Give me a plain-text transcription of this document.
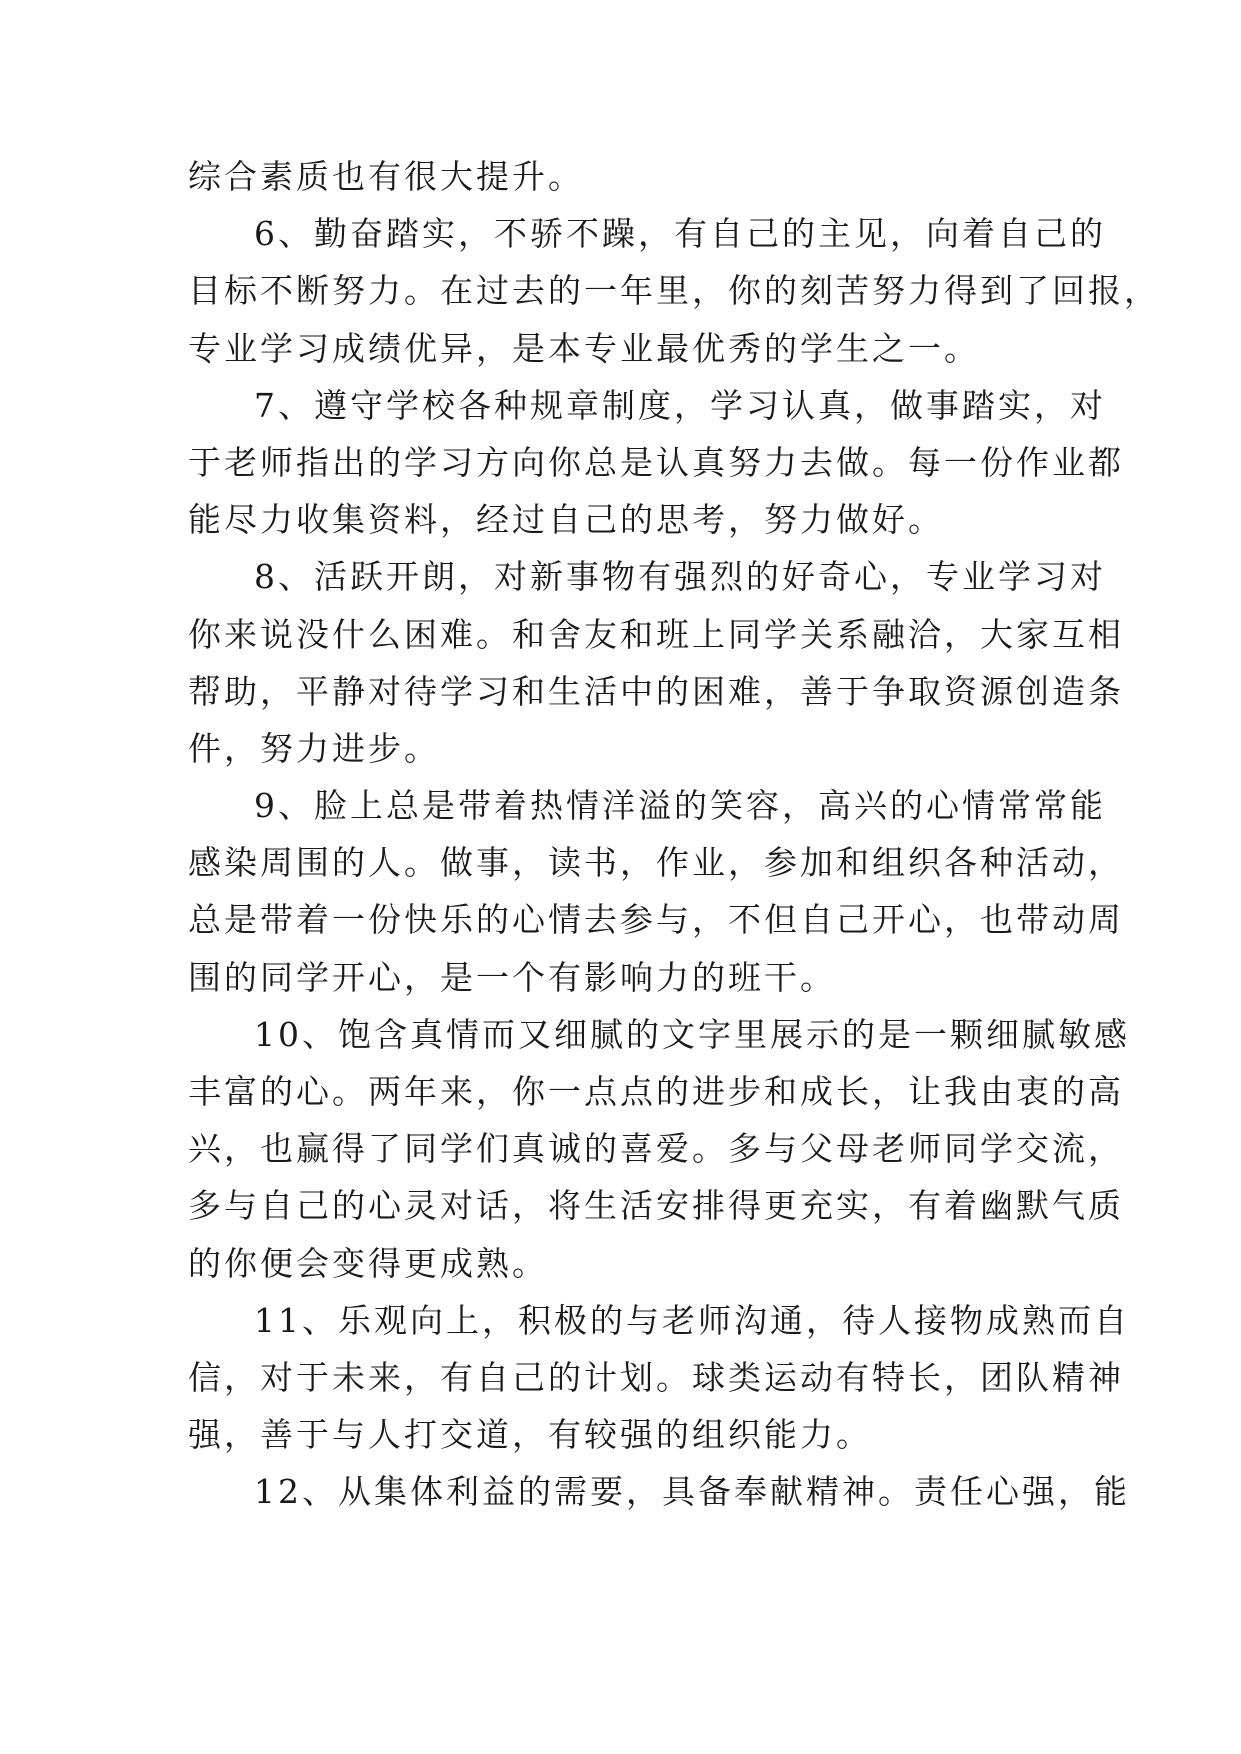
综合素质也有很大提升。
6、勤奋踏实，不骄不躁，有自己的主见，向着自己的
目标不断努力。在过去的一年里，你的刻苦努力得到了回报，
专业学习成绩优异，是本专业最优秀的学生之一。
7、遵守学校各种规章制度，学习认真，做事踏实，对
于老师指出的学习方向你总是认真努力去做。每一份作业都
能尽力收集资料，经过自己的思考，努力做好。
8、活跃开朗，对新事物有强烈的好奇心，专业学习对
你来说没什么困难。和舍友和班上同学关系融洽，大家互相
帮助，平静对待学习和生活中的困难，善于争取资源创造条
件，努力进步。
9、脸上总是带着热情洋溢的笑容，高兴的心情常常能
感染周围的人。做事，读书，作业，参加和组织各种活动，
总是带着一份快乐的心情去参与，不但自己开心，也带动周
围的同学开心，是一个有影响力的班干。
10、饱含真情而又细腻的文字里展示的是一颗细腻敏感
丰富的心。两年来，你一点点的进步和成长，让我由衷的高
兴，也赢得了同学们真诚的喜爱。多与父母老师同学交流，
多与自己的心灵对话，将生活安排得更充实，有着幽默气质
的你便会变得更成熟。
11、乐观向上，积极的与老师沟通，待人接物成熟而自
信，对于未来，有自己的计划。球类运动有特长，团队精神
强，善于与人打交道，有较强的组织能力。
12、从集体利益的需要，具备奉献精神。责任心强，能
